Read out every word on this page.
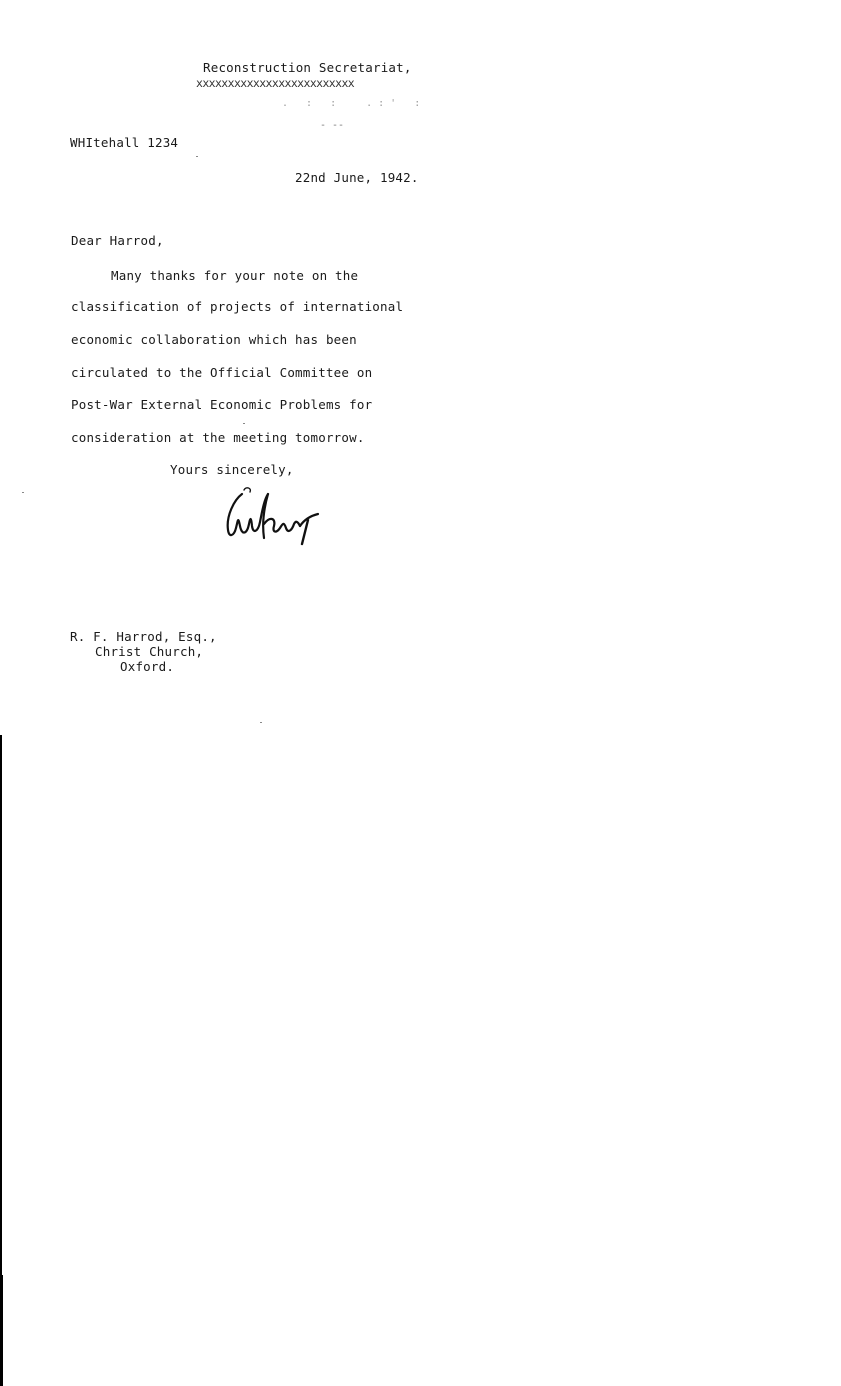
Reconstruction Secretariat,
xxxxxxxxxxxxxxxxxxxxxxxxx
. : :  .:' :
- --
WHItehall 1234
22nd June, 1942.
Dear Harrod,
Many thanks for your note on the
classification of projects of international
economic collaboration which has been
circulated to the Official Committee on
Post-War External Economic Problems for
consideration at the meeting tomorrow.
Yours sincerely,
R. F. Harrod, Esq.,
Christ Church,
Oxford.
